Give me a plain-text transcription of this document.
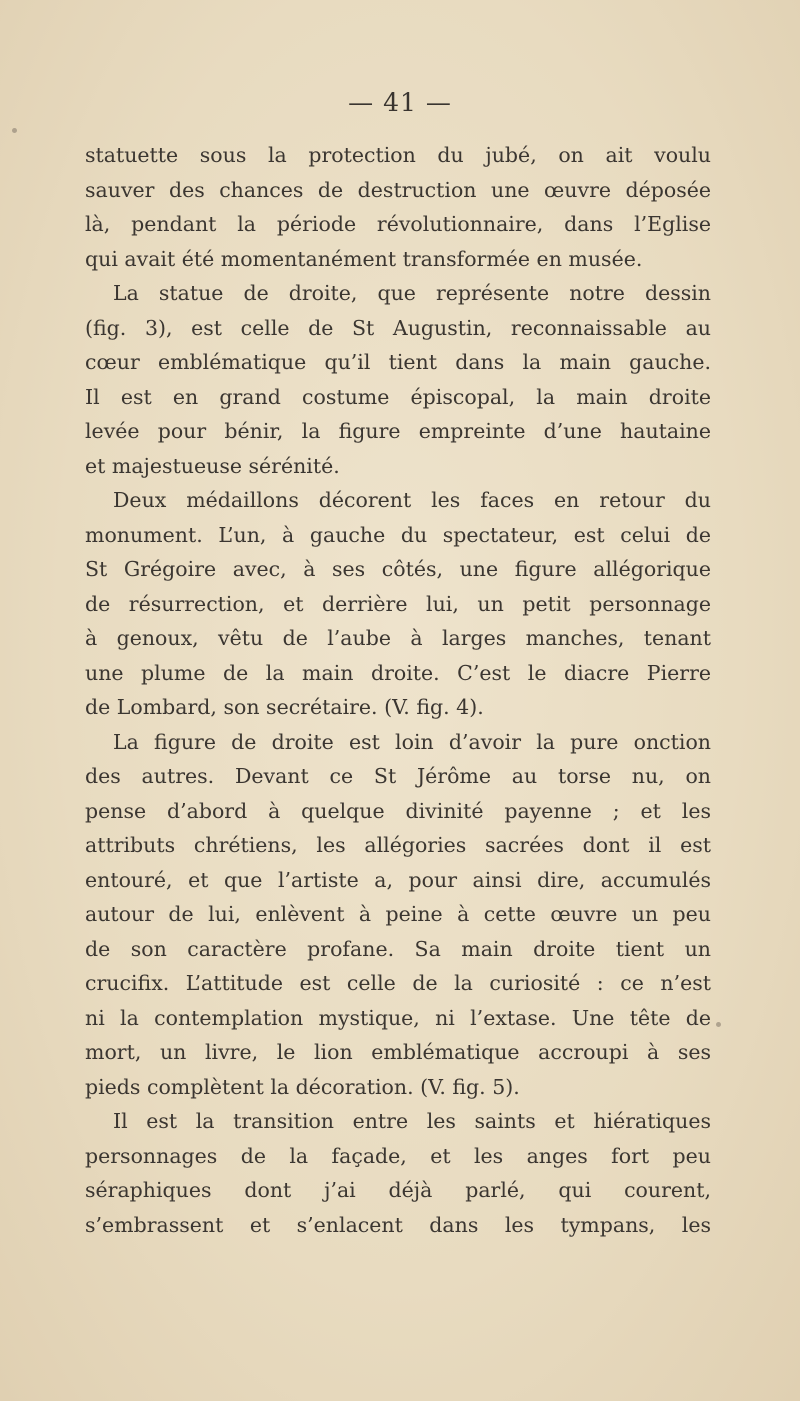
— 41 —
statuette sous la protection du jubé, on ait voulu
sauver des chances de destruction une œuvre déposée
là, pendant la période révolutionnaire, dans l’Eglise
qui avait été momentanément transformée en musée.
La statue de droite, que représente notre dessin
(fig. 3), est celle de St Augustin, reconnaissable au
cœur emblématique qu’il tient dans la main gauche.
Il est en grand costume épiscopal, la main droite
levée pour bénir, la figure empreinte d’une hautaine
et majestueuse sérénité.
Deux médaillons décorent les faces en retour du
monument. L’un, à gauche du spectateur, est celui de
St Grégoire avec, à ses côtés, une figure allégorique
de résurrection, et derrière lui, un petit personnage
à genoux, vêtu de l’aube à larges manches, tenant
une plume de la main droite. C’est le diacre Pierre
de Lombard, son secrétaire. (V. fig. 4).
La figure de droite est loin d’avoir la pure onction
des autres. Devant ce St Jérôme au torse nu, on
pense d’abord à quelque divinité payenne ; et les
attributs chrétiens, les allégories sacrées dont il est
entouré, et que l’artiste a, pour ainsi dire, accumulés
autour de lui, enlèvent à peine à cette œuvre un peu
de son caractère profane. Sa main droite tient un
crucifix. L’attitude est celle de la curiosité : ce n’est
ni la contemplation mystique, ni l’extase. Une tête de
mort, un livre, le lion emblématique accroupi à ses
pieds complètent la décoration. (V. fig. 5).
Il est la transition entre les saints et hiératiques
personnages de la façade, et les anges fort peu
séraphiques dont j’ai déjà parlé, qui courent,
s’embrassent et s’enlacent dans les tympans, les
